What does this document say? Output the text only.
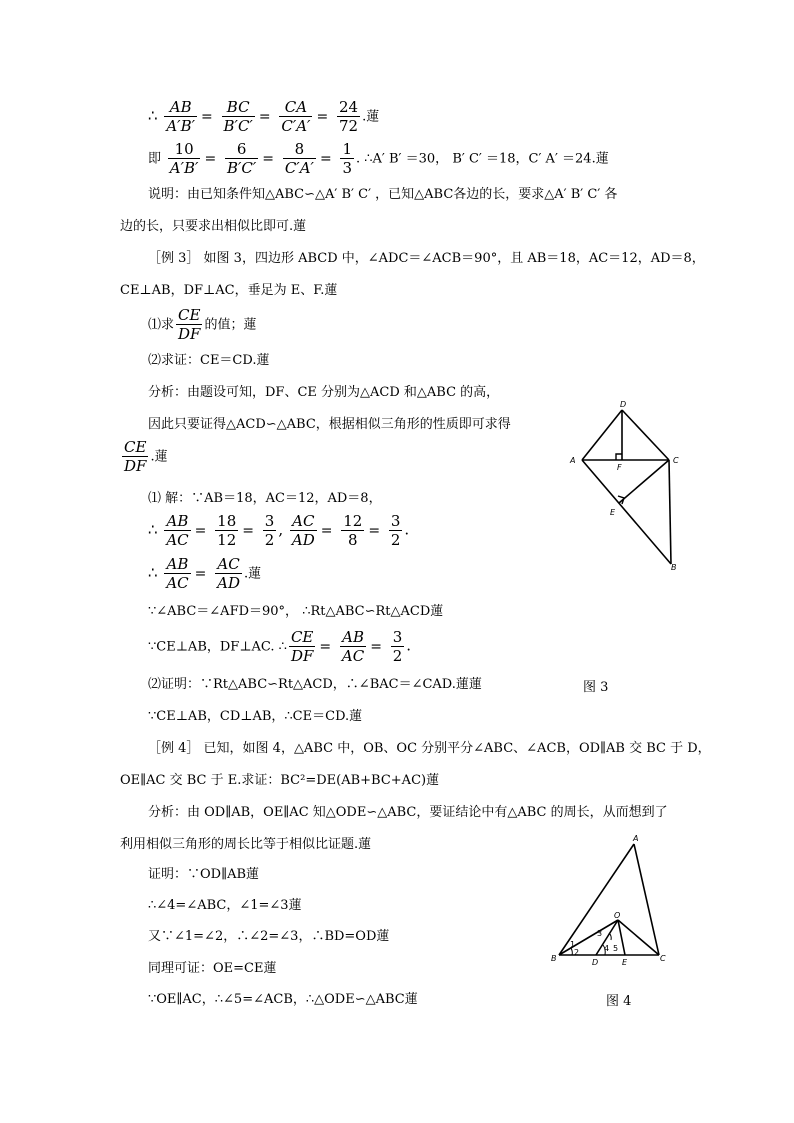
∴ $\frac{AB}{A'B'} = \frac{BC}{B'C'} = \frac{CA}{C'A'} = \frac{24}{72}$ .蓮
即 $\frac{10}{A'B'} = \frac{6}{B'C'} = \frac{8}{C'A'} = \frac{1}{3}$ . ∴A′ B′ ＝30， B′ C′ ＝18，C′ A′ ＝24.蓮
说明：由已知条件知△ABC∽△A′ B′ C′ ，已知△ABC各边的长，要求△A′ B′ C′ 各
边的长，只要求出相似比即可.蓮
［例 3］ 如图 3，四边形 ABCD 中，∠ADC＝∠ACB＝90°，且 AB＝18，AC＝12，AD＝8，
CE⊥AB，DF⊥AC，垂足为 E、F.蓮
⑴求 $\frac{CE}{DF}$ 的值；蓮
⑵求证：CE＝CD.蓮
分析：由题设可知，DF、CE 分别为△ACD 和△ABC 的高，
因此只要证得△ACD∽△ABC，根据相似三角形的性质即可求得
$\frac{CE}{DF}$ .蓮
⑴ 解：∵AB＝18，AC＝12，AD＝8，
∴ $\frac{AB}{AC} = \frac{18}{12} = \frac{3}{2}$ , $\frac{AC}{AD} = \frac{12}{8} = \frac{3}{2}$ .
∴ $\frac{AB}{AC} = \frac{AC}{AD}$ .蓮
∵∠ABC＝∠AFD＝90°， ∴Rt△ABC∽Rt△ACD蓮
∵CE⊥AB，DF⊥AC. ∴ $\frac{CE}{DF} = \frac{AB}{AC} = \frac{3}{2}$ .
⑵证明：∵Rt△ABC∽Rt△ACD，∴∠BAC＝∠CAD.蓮蓮
∵CE⊥AB，CD⊥AB，∴CE＝CD.蓮
［例 4］ 已知，如图 4，△ABC 中，OB、OC 分别平分∠ABC、∠ACB，OD∥AB 交 BC 于 D，
OE∥AC 交 BC 于 E.求证：BC²=DE(AB+BC+AC)蓮
分析：由 OD∥AB，OE∥AC 知△ODE∽△ABC，要证结论中有△ABC 的周长，从而想到了
利用相似三角形的周长比等于相似比证题.蓮
证明：∵OD∥AB蓮
∴∠4=∠ABC，∠1=∠3蓮
又∵∠1=∠2，∴∠2=∠3，∴BD=OD蓮
同理可证：OE=CE蓮
∵OE∥AC，∴∠5=∠ACB，∴△ODE∽△ABC蓮
A
D
C
F
E
B
图 3
A
O
B	D	E	C
1
2
3
4 5
图 4
